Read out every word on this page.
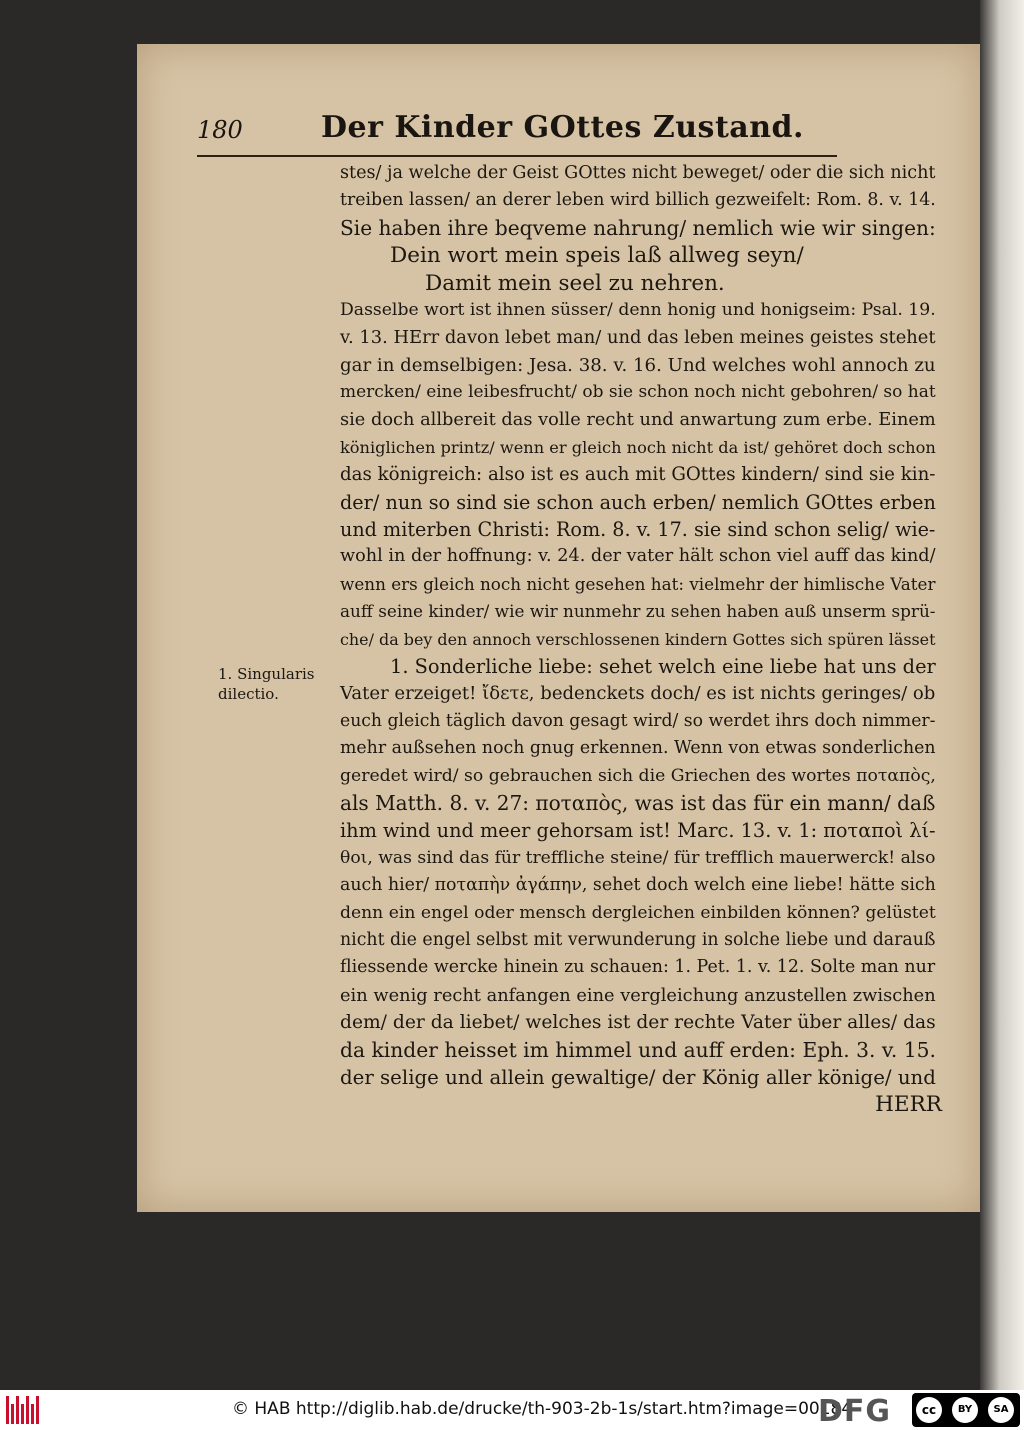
180	Der Kinder GOttes Zustand.
1. Singularis
dilectio.
stes/ ja welche der Geist GOttes nicht beweget/ oder die sich nicht
treiben lassen/ an derer leben wird billich gezweifelt: Rom. 8. v. 14.
Sie haben ihre beqveme nahrung/ nemlich wie wir singen:
Dein wort mein speis laß allweg seyn/
Damit mein seel zu nehren.
Dasselbe wort ist ihnen süsser/ denn honig und honigseim: Psal. 19.
v. 13. HErr davon lebet man/ und das leben meines geistes stehet
gar in demselbigen: Jesa. 38. v. 16. Und welches wohl annoch zu
mercken/ eine leibesfrucht/ ob sie schon noch nicht gebohren/ so hat
sie doch allbereit das volle recht und anwartung zum erbe. Einem
königlichen printz/ wenn er gleich noch nicht da ist/ gehöret doch schon
das königreich: also ist es auch mit GOttes kindern/ sind sie kin-
der/ nun so sind sie schon auch erben/ nemlich GOttes erben
und miterben Christi: Rom. 8. v. 17. sie sind schon selig/ wie-
wohl in der hoffnung: v. 24. der vater hält schon viel auff das kind/
wenn ers gleich noch nicht gesehen hat: vielmehr der himlische Vater
auff seine kinder/ wie wir nunmehr zu sehen haben auß unserm sprü-
che/ da bey den annoch verschlossenen kindern Gottes sich spüren lässet
1. Sonderliche liebe: sehet welch eine liebe hat uns der
Vater erzeiget! ἴδετε, bedenckets doch/ es ist nichts geringes/ ob
euch gleich täglich davon gesagt wird/ so werdet ihrs doch nimmer-
mehr außsehen noch gnug erkennen. Wenn von etwas sonderlichen
geredet wird/ so gebrauchen sich die Griechen des wortes ποταπὸς,
als Matth. 8. v. 27: ποταπὸς, was ist das für ein mann/ daß
ihm wind und meer gehorsam ist! Marc. 13. v. 1: ποταποὶ λί-
θοι, was sind das für treffliche steine/ für trefflich mauerwerck! also
auch hier/ ποταπὴν ἀγάπην, sehet doch welch eine liebe! hätte sich
denn ein engel oder mensch dergleichen einbilden können? gelüstet
nicht die engel selbst mit verwunderung in solche liebe und darauß
fliessende wercke hinein zu schauen: 1. Pet. 1. v. 12. Solte man nur
ein wenig recht anfangen eine vergleichung anzustellen zwischen
dem/ der da liebet/ welches ist der rechte Vater über alles/ das
da kinder heisset im himmel und auff erden: Eph. 3. v. 15.
der selige und allein gewaltige/ der König aller könige/ und
HERR
© HAB http://diglib.hab.de/drucke/th-903-2b-1s/start.htm?image=00184
DFG	cc	BY	SA
